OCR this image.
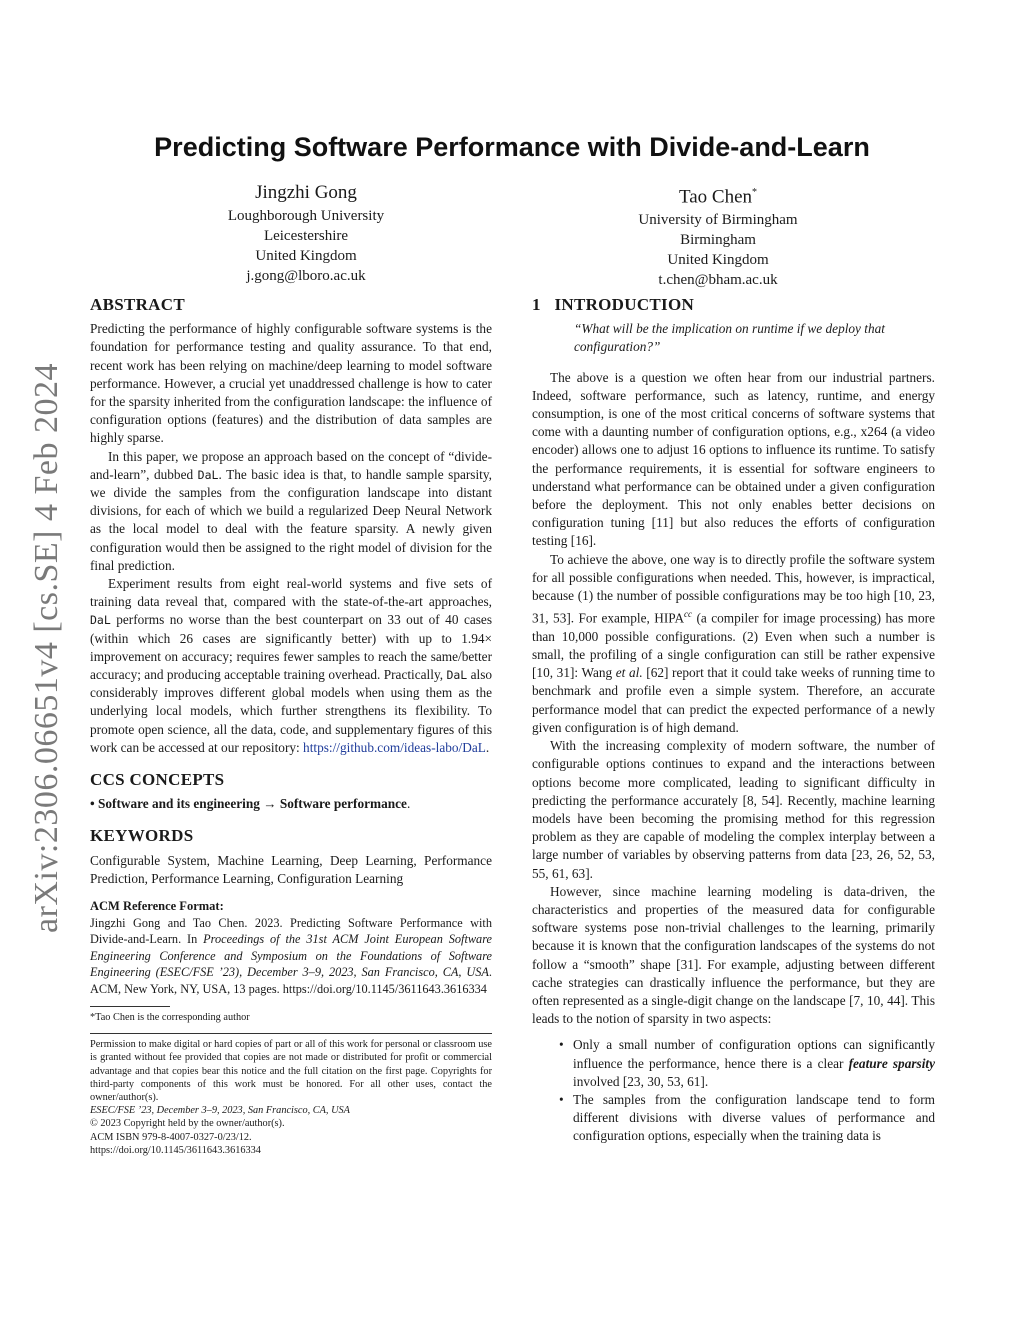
arXiv:2306.06651v4 [cs.SE] 4 Feb 2024
Predicting Software Performance with Divide-and-Learn
Jingzhi Gong
Loughborough University
Leicestershire
United Kingdom
j.gong@lboro.ac.uk
Tao Chen*
University of Birmingham
Birmingham
United Kingdom
t.chen@bham.ac.uk
ABSTRACT

Predicting the performance of highly configurable software systems is the foundation for performance testing and quality assurance. To that end, recent work has been relying on machine/deep learning to model software performance. However, a crucial yet unaddressed challenge is how to cater for the sparsity inherited from the configuration landscape: the influence of configuration options (features) and the distribution of data samples are highly sparse.

In this paper, we propose an approach based on the concept of “divide-and-learn”, dubbed DaL. The basic idea is that, to handle sample sparsity, we divide the samples from the configuration landscape into distant divisions, for each of which we build a regularized Deep Neural Network as the local model to deal with the feature sparsity. A newly given configuration would then be assigned to the right model of division for the final prediction.

Experiment results from eight real-world systems and five sets of training data reveal that, compared with the state-of-the-art approaches, DaL performs no worse than the best counterpart on 33 out of 40 cases (within which 26 cases are significantly better) with up to 1.94× improvement on accuracy; requires fewer samples to reach the same/better accuracy; and producing acceptable training overhead. Practically, DaL also considerably improves different global models when using them as the underlying local models, which further strengthens its flexibility. To promote open science, all the data, code, and supplementary figures of this work can be accessed at our repository: https://github.com/ideas-labo/DaL.

CCS CONCEPTS

• Software and its engineering → Software performance.

KEYWORDS

Configurable System, Machine Learning, Deep Learning, Performance Prediction, Performance Learning, Configuration Learning

ACM Reference Format:

Jingzhi Gong and Tao Chen. 2023. Predicting Software Performance with Divide-and-Learn. In Proceedings of the 31st ACM Joint European Software Engineering Conference and Symposium on the Foundations of Software Engineering (ESEC/FSE ’23), December 3–9, 2023, San Francisco, CA, USA. ACM, New York, NY, USA, 13 pages. https://doi.org/10.1145/3611643.3616334

*Tao Chen is the corresponding author

Permission to make digital or hard copies of part or all of this work for personal or classroom use is granted without fee provided that copies are not made or distributed for profit or commercial advantage and that copies bear this notice and the full citation on the first page. Copyrights for third-party components of this work must be honored. For all other uses, contact the owner/author(s).

ESEC/FSE ’23, December 3–9, 2023, San Francisco, CA, USA

© 2023 Copyright held by the owner/author(s).

ACM ISBN 979-8-4007-0327-0/23/12.

https://doi.org/10.1145/3611643.3616334

1   INTRODUCTION

“What will be the implication on runtime if we deploy that configuration?”

The above is a question we often hear from our industrial partners. Indeed, software performance, such as latency, runtime, and energy consumption, is one of the most critical concerns of software systems that come with a daunting number of configuration options, e.g., x264 (a video encoder) allows one to adjust 16 options to influence its runtime. To satisfy the performance requirements, it is essential for software engineers to understand what performance can be obtained under a given configuration before the deployment. This not only enables better decisions on configuration tuning [11] but also reduces the efforts of configuration testing [16].

To achieve the above, one way is to directly profile the software system for all possible configurations when needed. This, however, is impractical, because (1) the number of possible configurations may be too high [10, 23, 31, 53]. For example, $HIPA^{cc}$ (a compiler for image processing) has more than 10,000 possible configurations. (2) Even when such a number is small, the profiling of a single configuration can still be rather expensive [10, 31]: Wang et al. [62] report that it could take weeks of running time to benchmark and profile even a simple system. Therefore, an accurate performance model that can predict the expected performance of a newly given configuration is of high demand.

With the increasing complexity of modern software, the number of configurable options continues to expand and the interactions between options become more complicated, leading to significant difficulty in predicting the performance accurately [8, 54]. Recently, machine learning models have been becoming the promising method for this regression problem as they are capable of modeling the complex interplay between a large number of variables by observing patterns from data [23, 26, 52, 53, 55, 61, 63].

However, since machine learning modeling is data-driven, the characteristics and properties of the measured data for configurable software systems pose non-trivial challenges to the learning, primarily because it is known that the configuration landscapes of the systems do not follow a “smooth” shape [31]. For example, adjusting between different cache strategies can drastically influence the performance, but they are often represented as a single-digit change on the landscape [7, 10, 44]. This leads to the notion of sparsity in two aspects:

• Only a small number of configuration options can significantly influence the performance, hence there is a clear feature sparsity involved [23, 30, 53, 61].
• The samples from the configuration landscape tend to form different divisions with diverse values of performance and configuration options, especially when the training data is
